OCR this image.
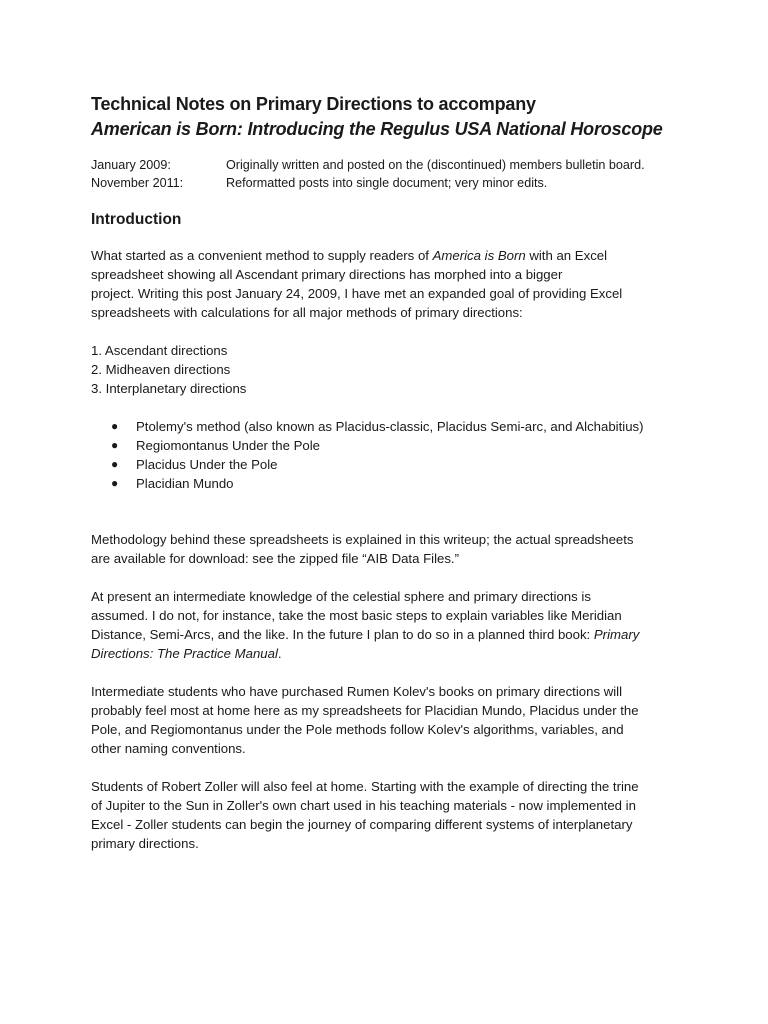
Technical Notes on Primary Directions to accompany
American is Born: Introducing the Regulus USA National Horoscope
January 2009:	Originally written and posted on the (discontinued) members bulletin board.
November 2011:	Reformatted posts into single document; very minor edits.
Introduction

What started as a convenient method to supply readers of America is Born with an Excel
spreadsheet showing all Ascendant primary directions has morphed into a bigger
project. Writing this post January 24, 2009, I have met an expanded goal of providing Excel
spreadsheets with calculations for all major methods of primary directions:

1. Ascendant directions
2. Midheaven directions
3. Interplanetary directions
●	Ptolemy's method (also known as Placidus-classic, Placidus Semi-arc, and Alchabitius)
●	Regiomontanus Under the Pole
●	Placidus Under the Pole
●	Placidian Mundo

Methodology behind these spreadsheets is explained in this writeup; the actual spreadsheets
are available for download: see the zipped file “AIB Data Files.”

At present an intermediate knowledge of the celestial sphere and primary directions is
assumed. I do not, for instance, take the most basic steps to explain variables like Meridian
Distance, Semi-Arcs, and the like. In the future I plan to do so in a planned third book: Primary
Directions: The Practice Manual.

Intermediate students who have purchased Rumen Kolev's books on primary directions will
probably feel most at home here as my spreadsheets for Placidian Mundo, Placidus under the
Pole, and Regiomontanus under the Pole methods follow Kolev's algorithms, variables, and
other naming conventions.

Students of Robert Zoller will also feel at home. Starting with the example of directing the trine
of Jupiter to the Sun in Zoller's own chart used in his teaching materials - now implemented in
Excel - Zoller students can begin the journey of comparing different systems of interplanetary
primary directions.
